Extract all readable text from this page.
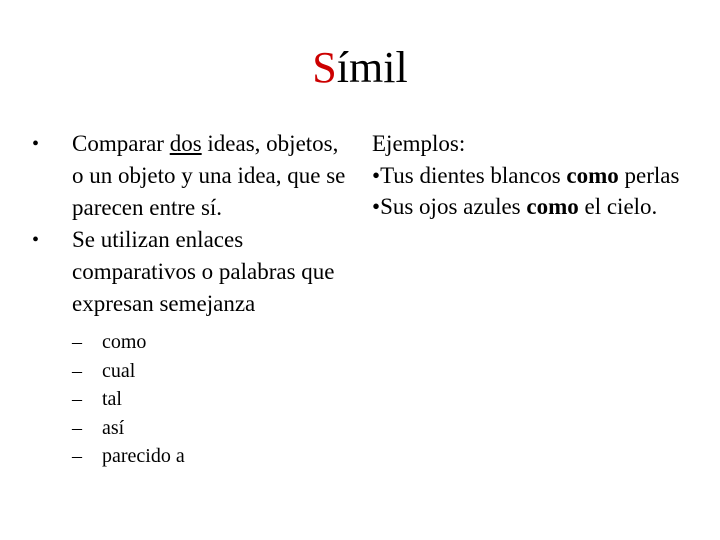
Símil
• Comparar dos ideas, objetos, o un objeto y una idea, que se parecen entre sí.
• Se utilizan enlaces comparativos o palabras que expresan semejanza
– como
– cual
– tal
– así
– parecido a
Ejemplos:
•Tus dientes blancos como perlas
•Sus ojos azules como el cielo.
